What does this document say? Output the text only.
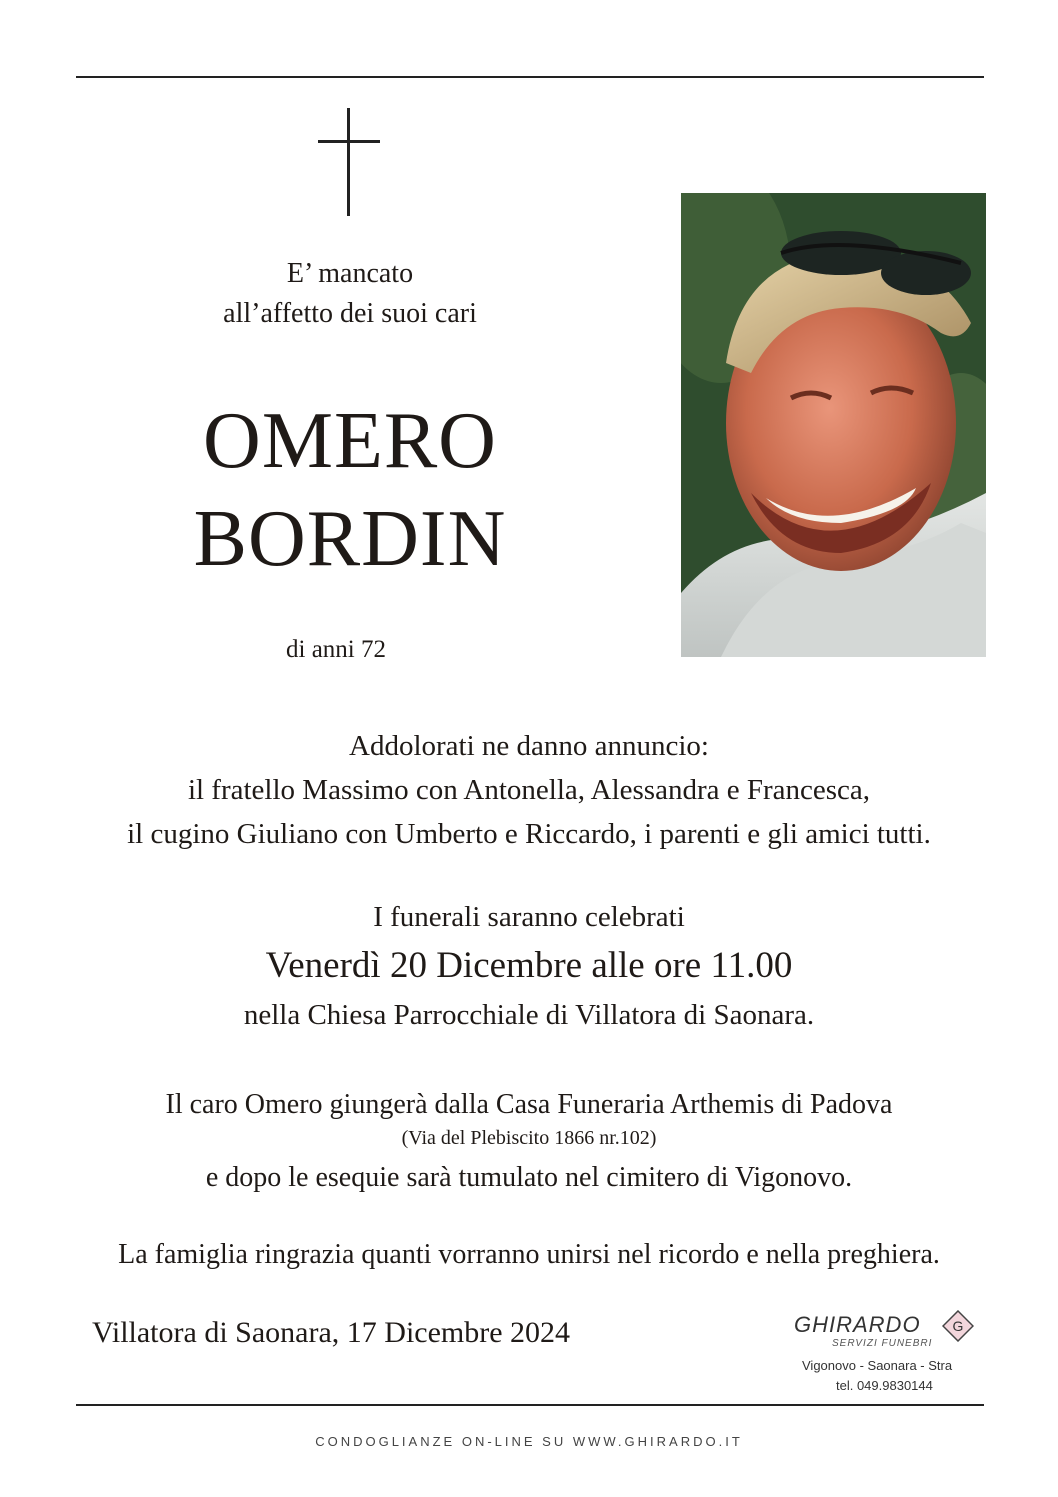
E’ mancato
all’affetto dei suoi cari
OMERO
BORDIN
di anni 72
Addolorati ne danno annuncio:
il fratello Massimo con Antonella, Alessandra e Francesca,
il cugino Giuliano con Umberto e Riccardo, i parenti e gli amici tutti.
I funerali saranno celebrati
Venerdì 20 Dicembre alle ore 11.00
nella Chiesa Parrocchiale di Villatora di Saonara.
Il caro Omero giungerà dalla Casa Funeraria Arthemis di Padova
(Via del Plebiscito 1866 nr.102)
e dopo le esequie sarà tumulato nel cimitero di Vigonovo.
La famiglia ringrazia quanti vorranno unirsi nel ricordo e nella preghiera.
Villatora di Saonara, 17 Dicembre 2024	GHIRARDO
SERVIZI FUNEBRI
G
Vigonovo - Saonara - Stra
tel. 049.9830144
CONDOGLIANZE ON-LINE SU WWW.GHIRARDO.IT
